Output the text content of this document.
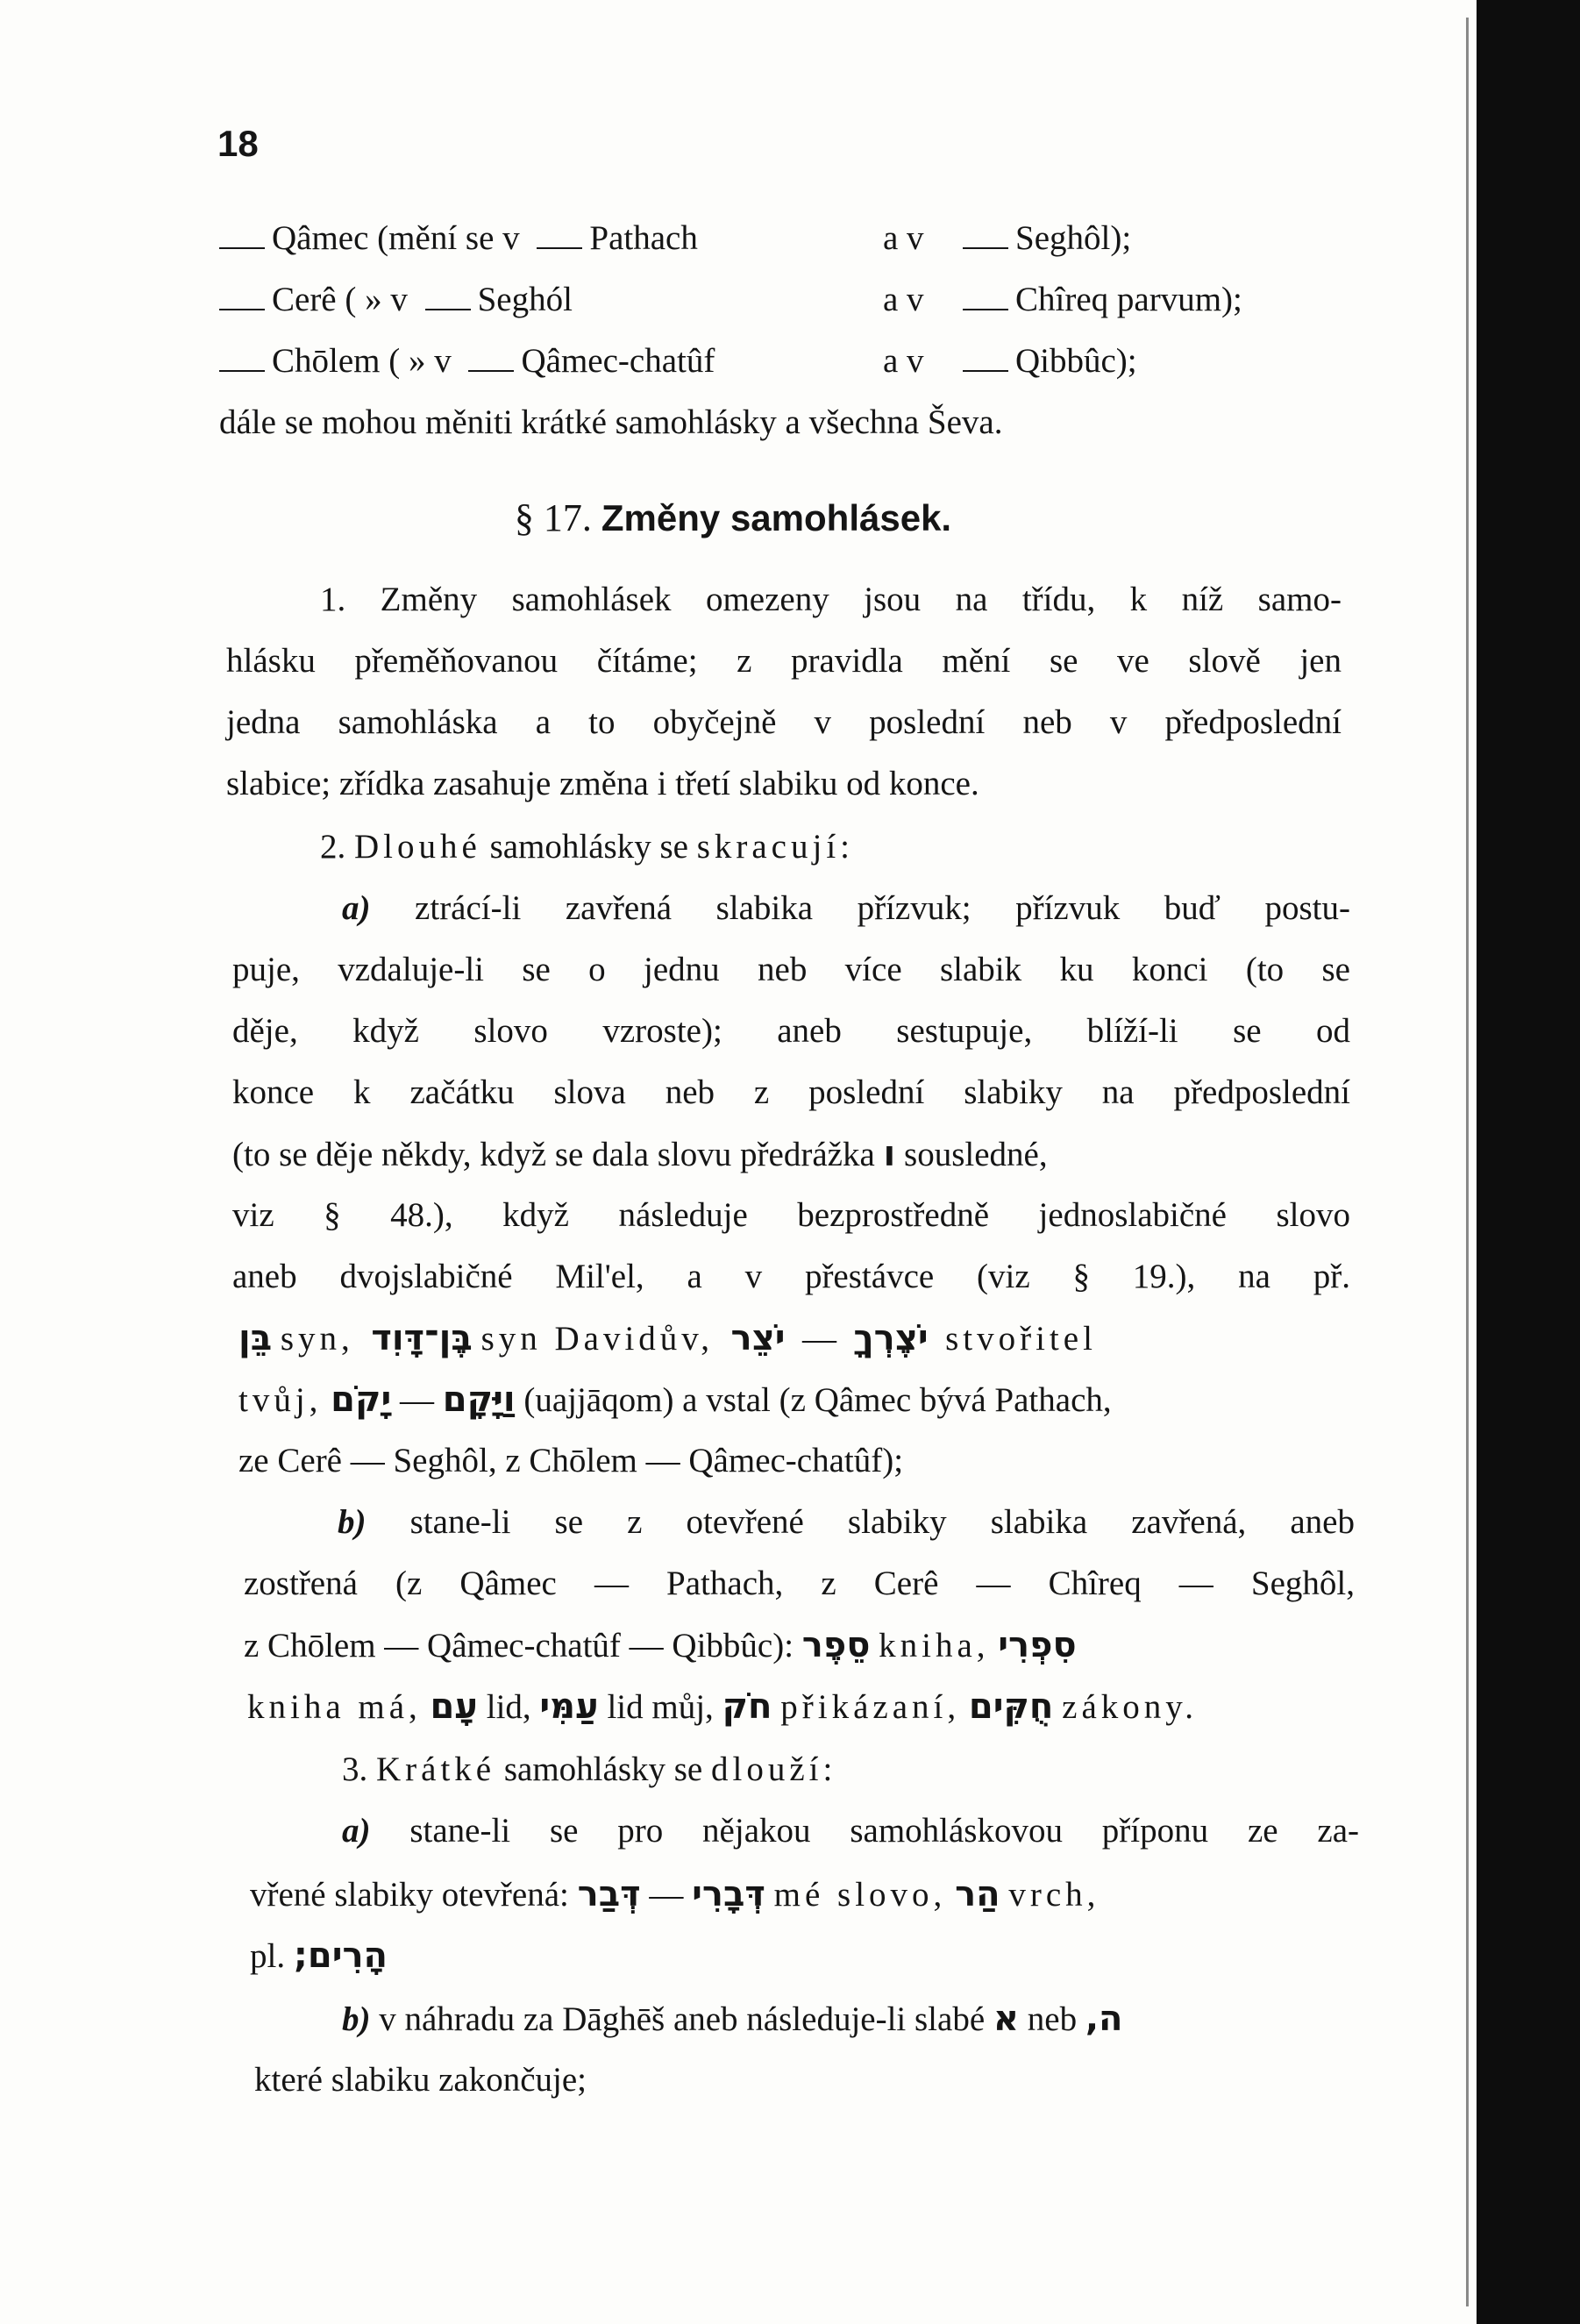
18
Qâmec (mění se v Pathach	a v	Seghôl);
Cerê ( » v Seghól	a v	Chîreq parvum);
Chōlem ( » v Qâmec-chatûf	a v	Qibbûc);
dále se mohou měniti krátké samohlásky a všechna Ševa.
§ 17. Změny samohlásek.
1. Změny samohlásek omezeny jsou na třídu, k níž samo-
hlásku přeměňovanou čítáme; z pravidla mění se ve slově jen
jedna samohláska a to obyčejně v poslední neb v předposlední
slabice; zřídka zasahuje změna i třetí slabiku od konce.
2. Dlouhé samohlásky se skracují:
a) ztrácí-li zavřená slabika přízvuk; přízvuk buď postu-
puje, vzdaluje-li se o jednu neb více slabik ku konci (to se
děje, když slovo vzroste); aneb sestupuje, blíží-li se od
konce k začátku slova neb z poslední slabiky na předposlední
(to se děje někdy, když se dala slovu předrážka ו sousledné,
viz § 48.), když následuje bezprostředně jednoslabičné slovo
aneb dvojslabičné Mil'el, a v přestávce (viz § 19.), na př.
בֵּן syn, בֶּן־דָּוִד syn Davidův, יֹצֵר — יֹצֶרְךָ stvořitel
tvůj, יָקֹם — וַיָּקָם (uajjāqom) a vstal (z Qâmec bývá Pathach,
ze Cerê — Seghôl, z Chōlem — Qâmec-chatûf);
b) stane-li se z otevřené slabiky slabika zavřená, aneb
zostřená (z Qâmec — Pathach, z Cerê — Chîreq — Seghôl,
z Chōlem — Qâmec-chatûf — Qibbûc): סֵפֶר kniha, סִפְרִי
kniha má, עָם lid, עַמִּי lid můj, חֹק přikázaní, חֻקִּים zákony.
3. Krátké samohlásky se dlouží:
a) stane-li se pro nějakou samohláskovou příponu ze za-
vřené slabiky otevřená: דְּבַר — דְּבָרִי mé slovo, הַר vrch,
pl. הָרִים;
b) v náhradu za Dāghēš aneb následuje-li slabé א neb ה,
které slabiku zakončuje;
